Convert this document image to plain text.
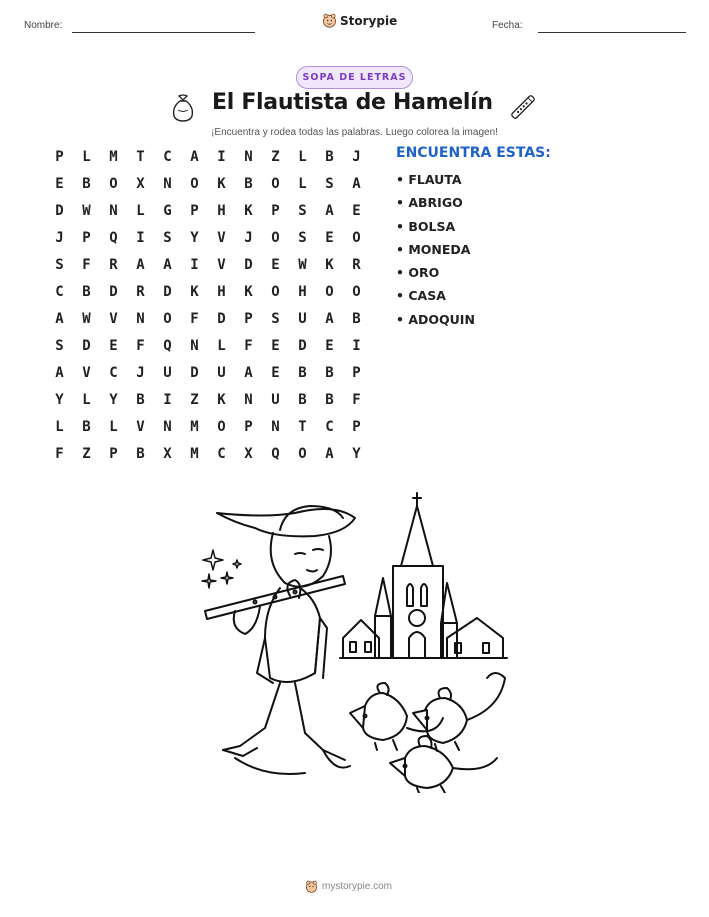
Nombre:	Storypie	Fecha:
SOPA DE LETRAS
El Flautista de Hamelín
¡Encuentra y rodea todas las palabras. Luego colorea la imagen!
P	L	M	T	C	A	I	N	Z	L	B	J
E	B	O	X	N	O	K	B	O	L	S	A
D	W	N	L	G	P	H	K	P	S	A	E
J	P	Q	I	S	Y	V	J	O	S	E	O
S	F	R	A	A	I	V	D	E	W	K	R
C	B	D	R	D	K	H	K	O	H	O	O
A	W	V	N	O	F	D	P	S	U	A	B
S	D	E	F	Q	N	L	F	E	D	E	I
A	V	C	J	U	D	U	A	E	B	B	P
Y	L	Y	B	I	Z	K	N	U	B	B	F
L	B	L	V	N	M	O	P	N	T	C	P
F	Z	P	B	X	M	C	X	Q	O	A	Y
ENCUENTRA ESTAS:
• FLAUTA
• ABRIGO
• BOLSA
• MONEDA
• ORO
• CASA
• ADOQUIN
mystorypie.com
